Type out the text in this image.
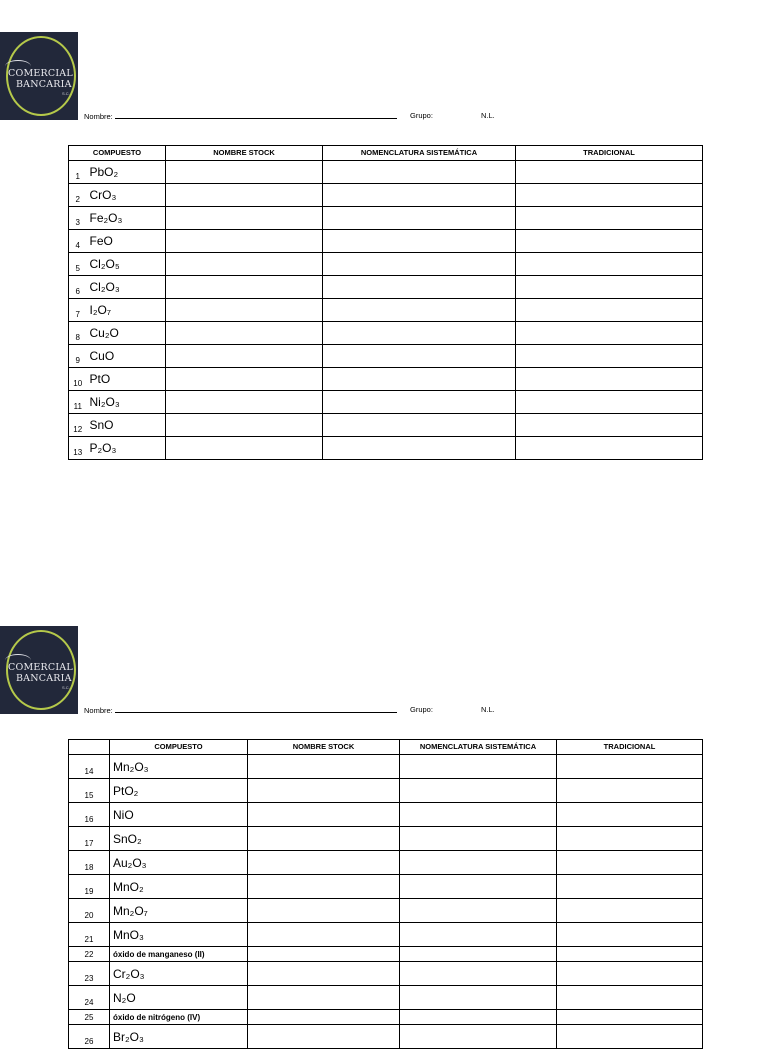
COMERCIAL
BANCARIA
S.C.
Nombre:	Grupo:	N.L.
COMPUESTO		NOMBRE STOCK	NOMENCLATURA SISTEMÁTICA	TRADICIONAL
1	PbO₂			
2	CrO₃			
3	Fe₂O₃			
4	FeO			
5	Cl₂O₅			
6	Cl₂O₃			
7	I₂O₇			
8	Cu₂O			
9	CuO			
10	PtO			
11	Ni₂O₃			
12	SnO			
13	P₂O₃			
COMERCIAL
BANCARIA
S.C.
Nombre:	Grupo:	N.L.
	COMPUESTO	NOMBRE STOCK	NOMENCLATURA SISTEMÁTICA	TRADICIONAL
14	Mn₂O₃			
15	PtO₂			
16	NiO			
17	SnO₂			
18	Au₂O₃			
19	MnO₂			
20	Mn₂O₇			
21	MnO₃			
22	óxido de manganeso (II)			
23	Cr₂O₃			
24	N₂O			
25	óxido de nitrógeno (IV)			
26	Br₂O₃			
